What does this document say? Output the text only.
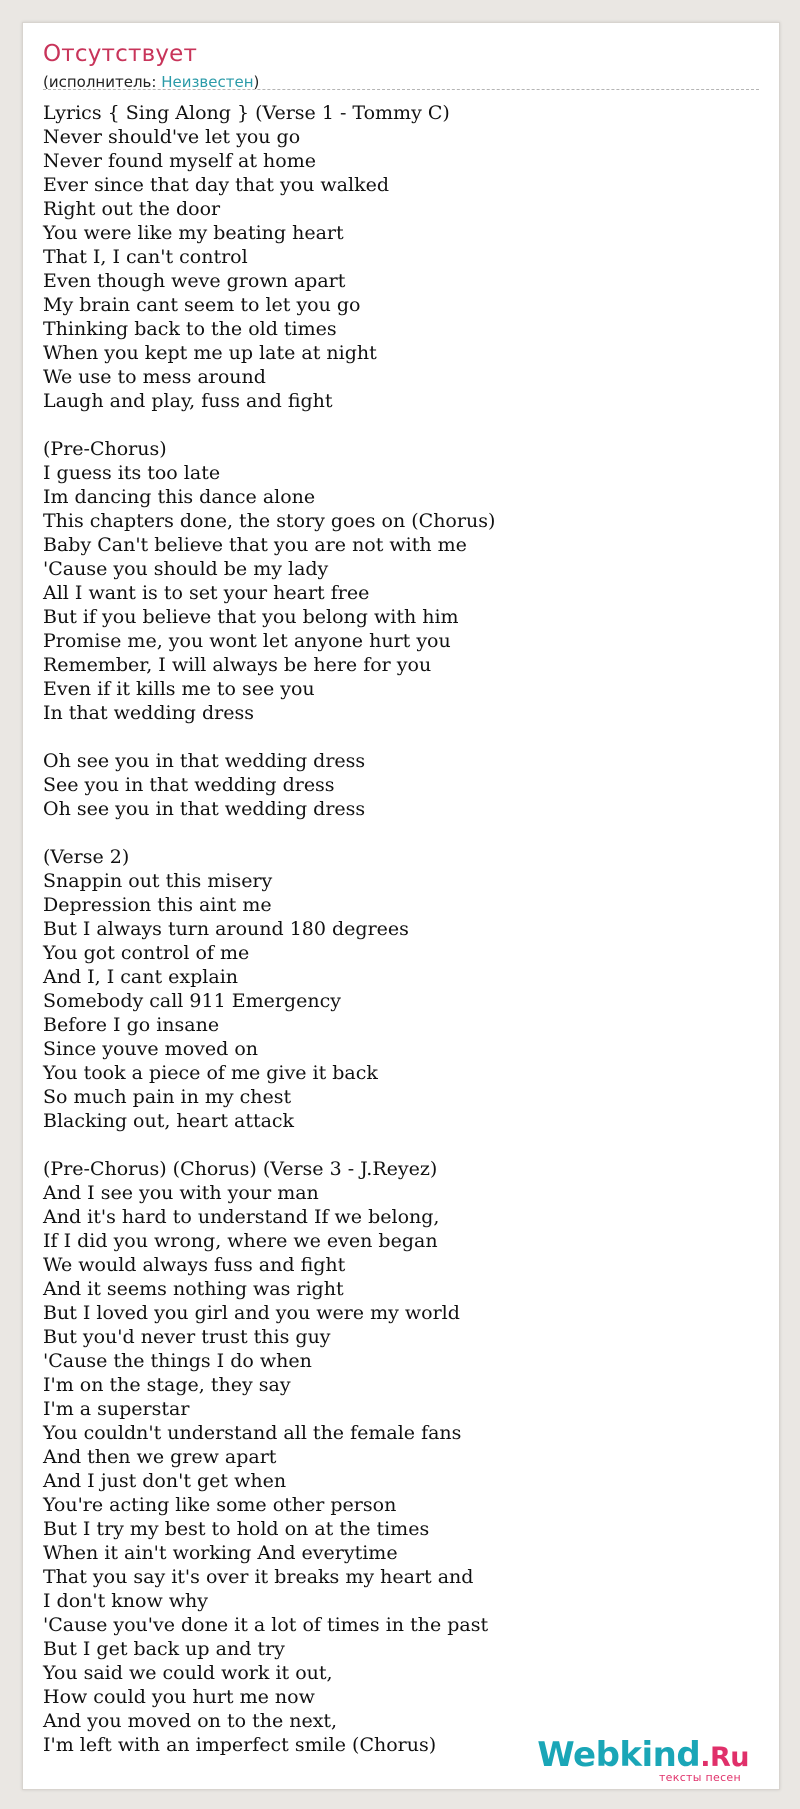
Отсутствует
(исполнитель: Неизвестен)
Lyrics { Sing Along } (Verse 1 - Tommy C)
Never should've let you go
Never found myself at home
Ever since that day that you walked
Right out the door
You were like my beating heart
That I, I can't control
Even though weve grown apart
My brain cant seem to let you go
Thinking back to the old times
When you kept me up late at night
We use to mess around
Laugh and play, fuss and fight
(Pre-Chorus)
I guess its too late
Im dancing this dance alone
This chapters done, the story goes on (Chorus)
Baby Can't believe that you are not with me
'Cause you should be my lady
All I want is to set your heart free
But if you believe that you belong with him
Promise me, you wont let anyone hurt you
Remember, I will always be here for you
Even if it kills me to see you
In that wedding dress
Oh see you in that wedding dress
See you in that wedding dress
Oh see you in that wedding dress
(Verse 2)
Snappin out this misery
Depression this aint me
But I always turn around 180 degrees
You got control of me
And I, I cant explain
Somebody call 911 Emergency
Before I go insane
Since youve moved on
You took a piece of me give it back
So much pain in my chest
Blacking out, heart attack
(Pre-Chorus) (Chorus) (Verse 3 - J.Reyez)
And I see you with your man
And it's hard to understand If we belong,
If I did you wrong, where we even began
We would always fuss and fight
And it seems nothing was right
But I loved you girl and you were my world
But you'd never trust this guy
'Cause the things I do when
I'm on the stage, they say
I'm a superstar
You couldn't understand all the female fans
And then we grew apart
And I just don't get when
You're acting like some other person
But I try my best to hold on at the times
When it ain't working And everytime
That you say it's over it breaks my heart and
I don't know why
'Cause you've done it a lot of times in the past
But I get back up and try
You said we could work it out,
How could you hurt me now
And you moved on to the next,
I'm left with an imperfect smile (Chorus)	Webkind.Ru
тексты песен
